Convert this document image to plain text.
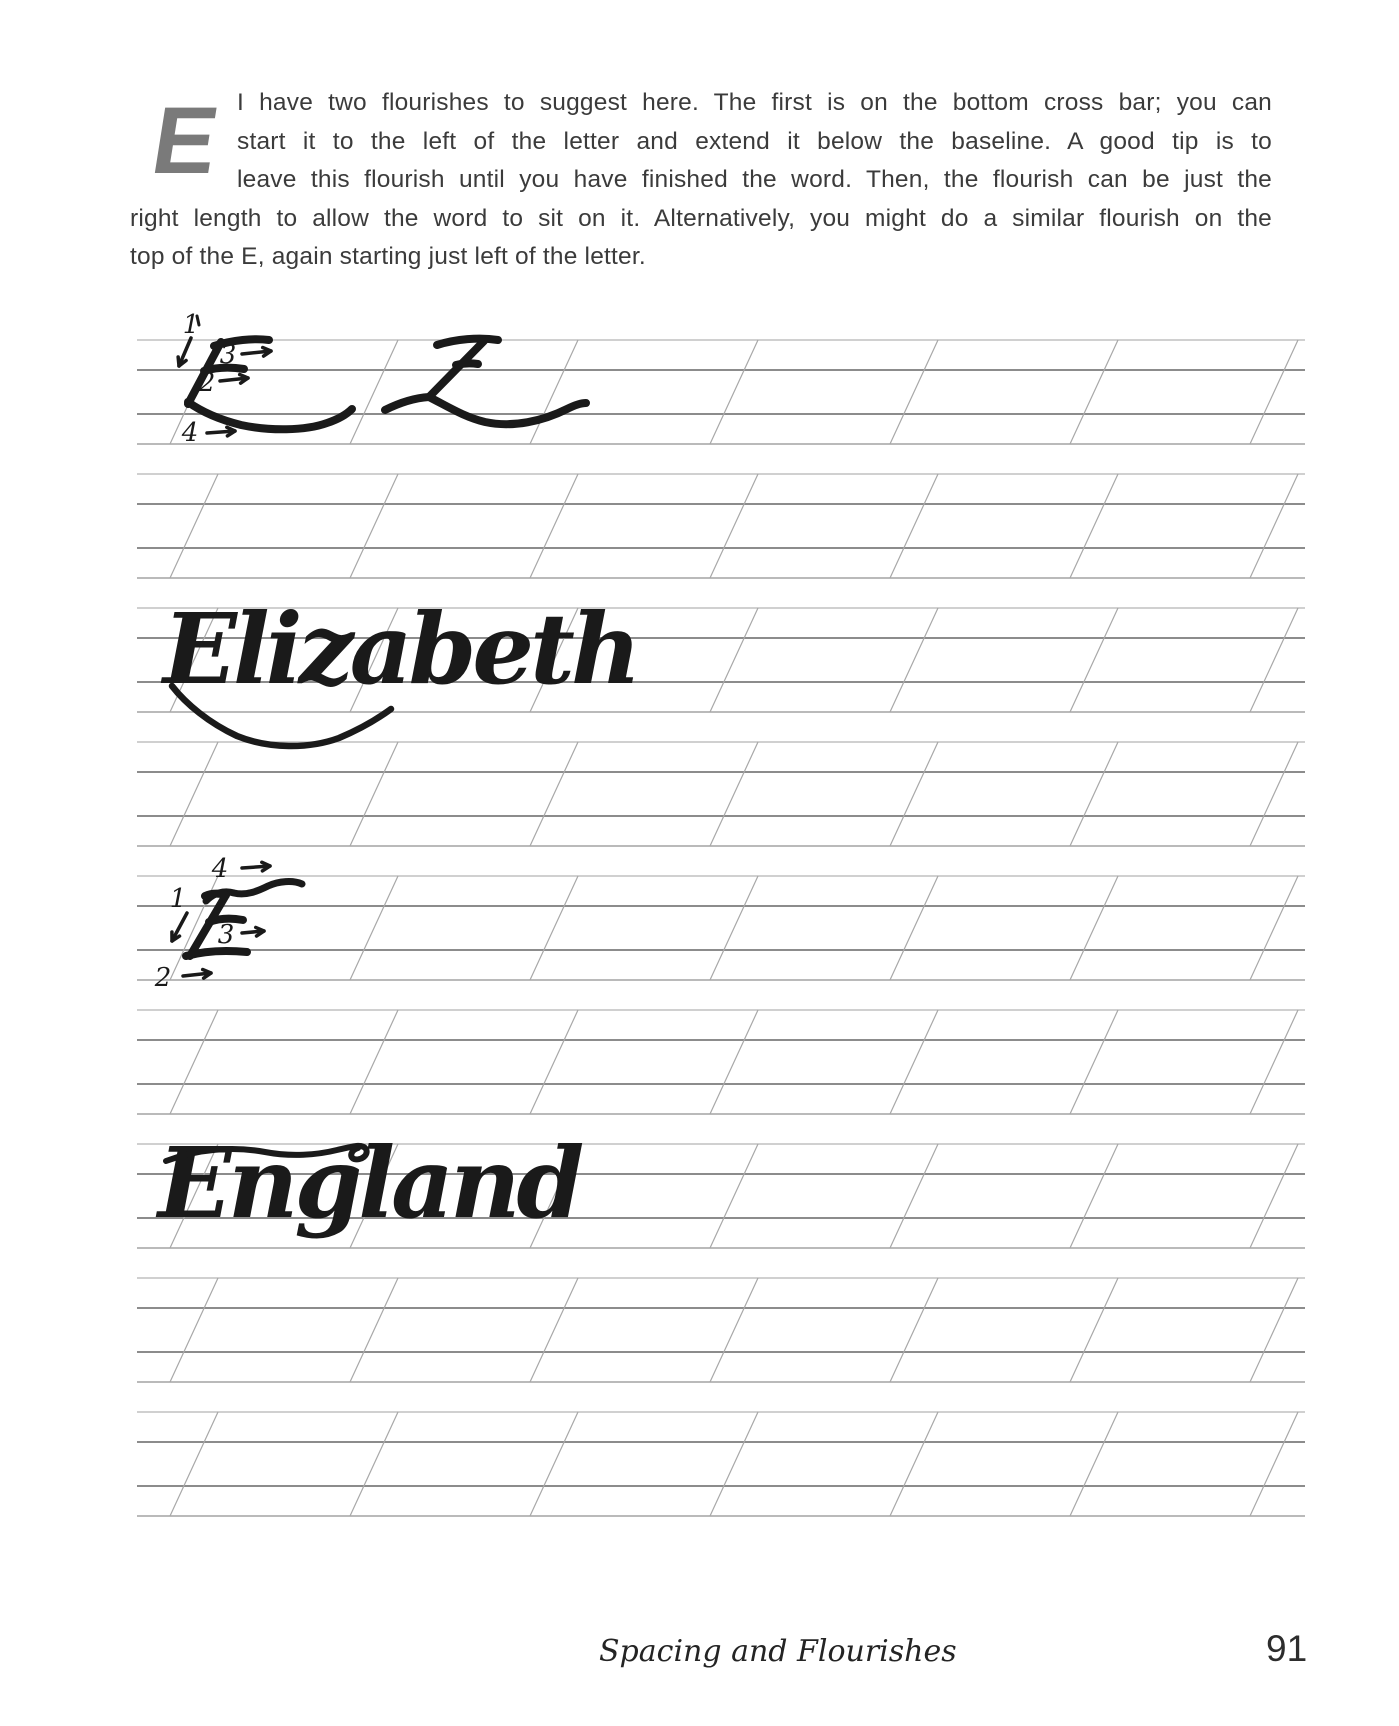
E I have two flourishes to suggest here. The first is on the bottom cross bar; you can
start it to the left of the letter and extend it below the baseline. A good tip is to
leave this flourish until you have finished the word. Then, the flourish can be just the
right length to allow the word to sit on it. Alternatively, you might do a similar flourish on the
top of the E, again starting just left of the letter.
1
2
3
4
Elizabeth
1
2
3
4
England
Spacing and Flourishes	91
